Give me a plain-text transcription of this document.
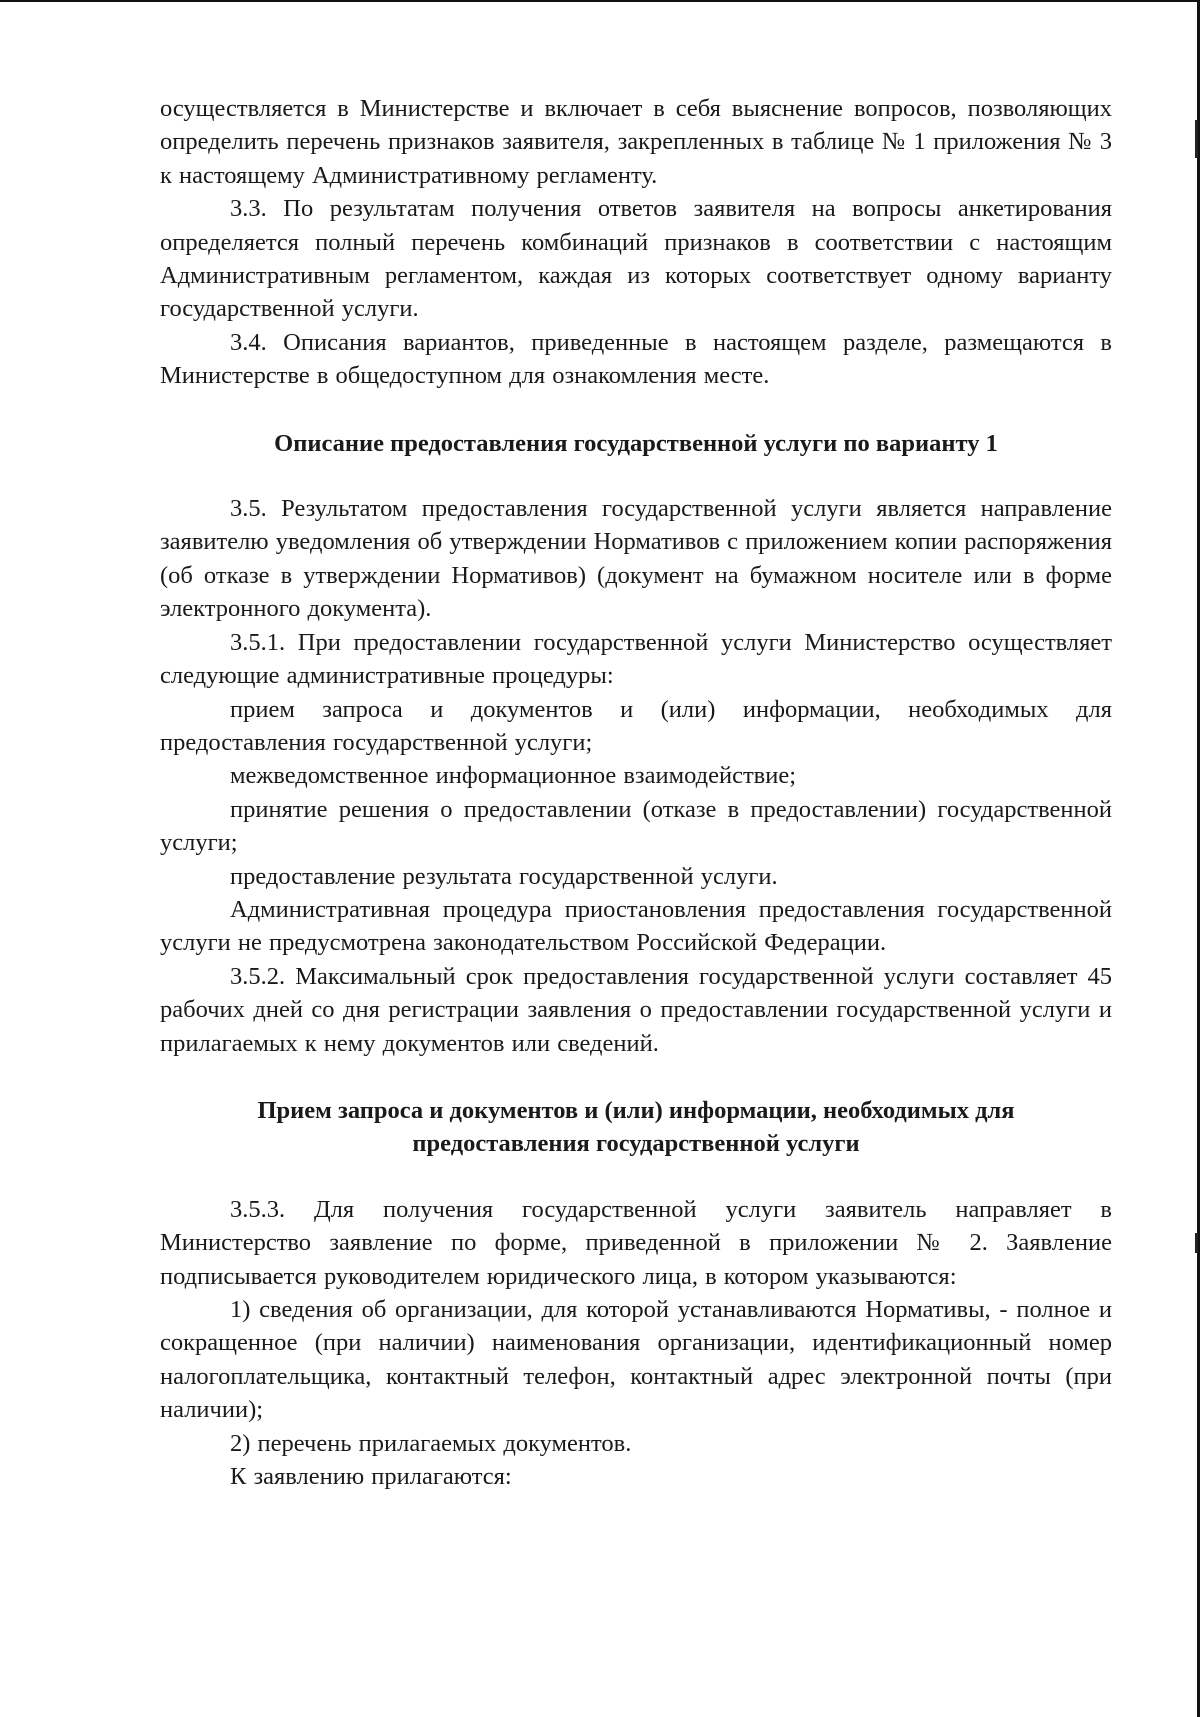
осуществляется в Министерстве и включает в себя выяснение вопросов, позволяющих определить перечень признаков заявителя, закрепленных в таблице № 1 приложения № 3 к настоящему Административному регламенту.

3.3. По результатам получения ответов заявителя на вопросы анкетирования определяется полный перечень комбинаций признаков в соответствии с настоящим Административным регламентом, каждая из которых соответствует одному варианту государственной услуги.

3.4. Описания вариантов, приведенные в настоящем разделе, размещаются в Министерстве в общедоступном для ознакомления месте.

Описание предоставления государственной услуги по варианту 1

3.5. Результатом предоставления государственной услуги является направление заявителю уведомления об утверждении Нормативов с приложением копии распоряжения (об отказе в утверждении Нормативов) (документ на бумажном носителе или в форме электронного документа).

3.5.1. При предоставлении государственной услуги Министерство осуществляет следующие административные процедуры:

прием запроса и документов и (или) информации, необходимых для предоставления государственной услуги;

межведомственное информационное взаимодействие;

принятие решения о предоставлении (отказе в предоставлении) государственной услуги;

предоставление результата государственной услуги.

Административная процедура приостановления предоставления государственной услуги не предусмотрена законодательством Российской Федерации.

3.5.2. Максимальный срок предоставления государственной услуги составляет 45 рабочих дней со дня регистрации заявления о предоставлении государственной услуги и прилагаемых к нему документов или сведений.

Прием запроса и документов и (или) информации, необходимых для
предоставления государственной услуги

3.5.3. Для получения государственной услуги заявитель направляет в Министерство заявление по форме, приведенной в приложении № 2. Заявление подписывается руководителем юридического лица, в котором указываются:

1) сведения об организации, для которой устанавливаются Нормативы, - полное и сокращенное (при наличии) наименования организации, идентификационный номер налогоплательщика, контактный телефон, контактный адрес электронной почты (при наличии);

2) перечень прилагаемых документов.

К заявлению прилагаются:
